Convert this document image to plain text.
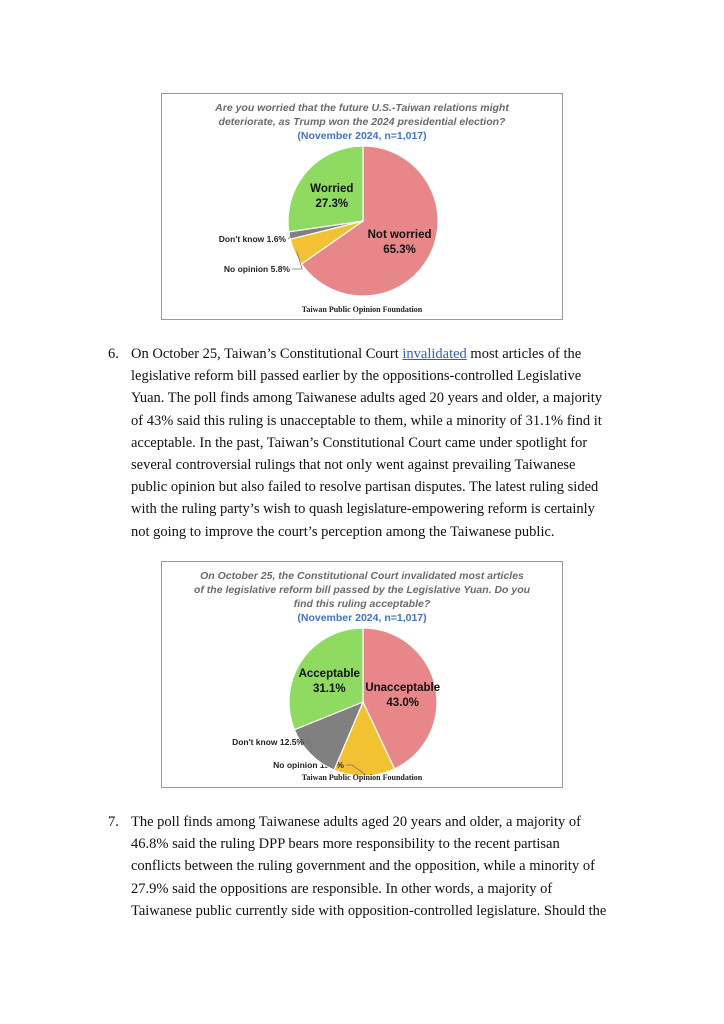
Are you worried that the future U.S.-Taiwan relations might
deteriorate, as Trump won the 2024 presidential election?
(November 2024, n=1,017)
Not worried
65.3%
No opinion 5.8%
Don't know 1.6%
Worried
27.3%
Taiwan Public Opinion Foundation
6. On October 25, Taiwan’s Constitutional Court invalidated most articles of the
legislative reform bill passed earlier by the oppositions-controlled Legislative
Yuan. The poll finds among Taiwanese adults aged 20 years and older, a majority
of 43% said this ruling is unacceptable to them, while a minority of 31.1% find it
acceptable. In the past, Taiwan’s Constitutional Court came under spotlight for
several controversial rulings that not only went against prevailing Taiwanese
public opinion but also failed to resolve partisan disputes. The latest ruling sided
with the ruling party’s wish to quash legislature-empowering reform is certainly
not going to improve the court’s perception among the Taiwanese public.
On October 25, the Constitutional Court invalidated most articles
of the legislative reform bill passed by the Legislative Yuan. Do you
find this ruling acceptable?
(November 2024, n=1,017)
Unacceptable
43.0%
No opinion 13.4%
Don't know 12.5%
Acceptable
31.1%
Taiwan Public Opinion Foundation
7. The poll finds among Taiwanese adults aged 20 years and older, a majority of
46.8% said the ruling DPP bears more responsibility to the recent partisan
conflicts between the ruling government and the opposition, while a minority of
27.9% said the oppositions are responsible. In other words, a majority of
Taiwanese public currently side with opposition-controlled legislature. Should the
